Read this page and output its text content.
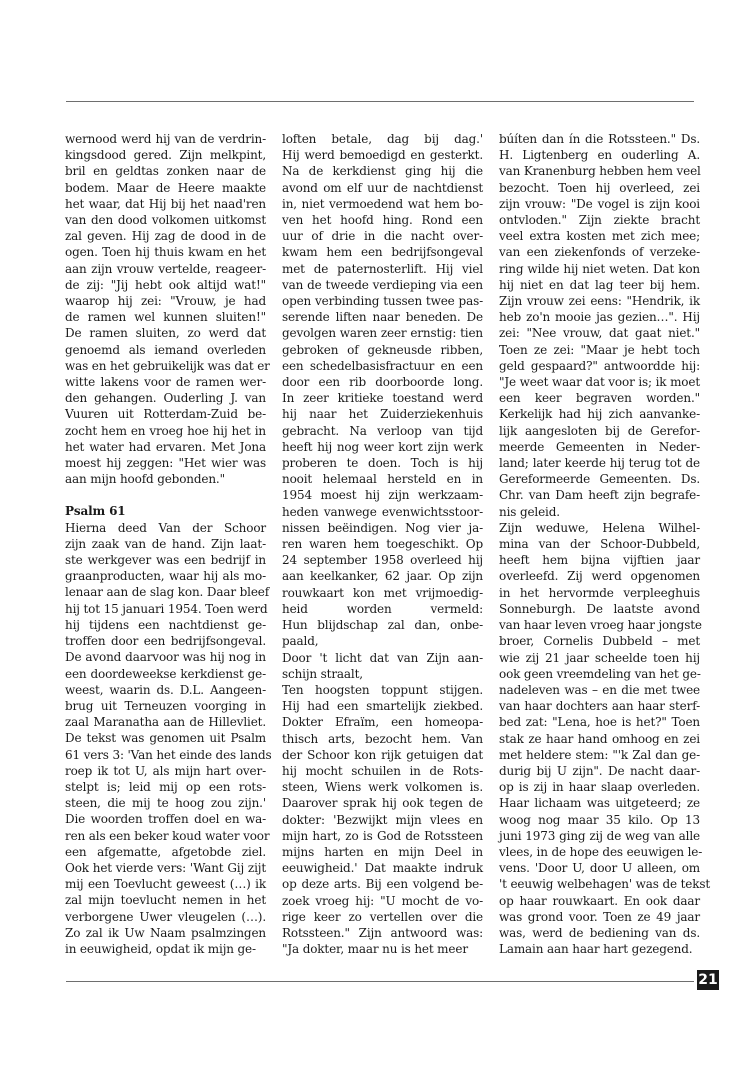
wernood werd hij van de verdrin-
kingsdood gered. Zijn melkpint,
bril en geldtas zonken naar de
bodem. Maar de Heere maakte
het waar, dat Hij bij het naad'ren
van den dood volkomen uitkomst
zal geven. Hij zag de dood in de
ogen. Toen hij thuis kwam en het
aan zijn vrouw vertelde, reageer-
de zij: "Jij hebt ook altijd wat!"
waarop hij zei: "Vrouw, je had
de ramen wel kunnen sluiten!"
De ramen sluiten, zo werd dat
genoemd als iemand overleden
was en het gebruikelijk was dat er
witte lakens voor de ramen wer-
den gehangen. Ouderling J. van
Vuuren uit Rotterdam-Zuid be-
zocht hem en vroeg hoe hij het in
het water had ervaren. Met Jona
moest hij zeggen: "Het wier was
aan mijn hoofd gebonden."

Psalm 61

Hierna deed Van der Schoor
zijn zaak van de hand. Zijn laat-
ste werkgever was een bedrijf in
graanproducten, waar hij als mo-
lenaar aan de slag kon. Daar bleef
hij tot 15 januari 1954. Toen werd
hij tijdens een nachtdienst ge-
troffen door een bedrijfsongeval.
De avond daarvoor was hij nog in
een doordeweekse kerkdienst ge-
weest, waarin ds. D.L. Aangeen-
brug uit Terneuzen voorging in
zaal Maranatha aan de Hillevliet.
De tekst was genomen uit Psalm
61 vers 3: 'Van het einde des lands
roep ik tot U, als mijn hart over-
stelpt is; leid mij op een rots-
steen, die mij te hoog zou zijn.'
Die woorden troffen doel en wa-
ren als een beker koud water voor
een afgematte, afgetobde ziel.
Ook het vierde vers: 'Want Gij zijt
mij een Toevlucht geweest (…) ik
zal mijn toevlucht nemen in het
verborgene Uwer vleugelen (…).
Zo zal ik Uw Naam psalmzingen
in eeuwigheid, opdat ik mijn ge-

loften betale, dag bij dag.'
Hij werd bemoedigd en gesterkt.
Na de kerkdienst ging hij die
avond om elf uur de nachtdienst
in, niet vermoedend wat hem bo-
ven het hoofd hing. Rond een
uur of drie in die nacht over-
kwam hem een bedrijfsongeval
met de paternosterlift. Hij viel
van de tweede verdieping via een
open verbinding tussen twee pas-
serende liften naar beneden. De
gevolgen waren zeer ernstig: tien
gebroken of gekneusde ribben,
een schedelbasisfractuur en een
door een rib doorboorde long.
In zeer kritieke toestand werd
hij naar het Zuiderziekenhuis
gebracht. Na verloop van tijd
heeft hij nog weer kort zijn werk
proberen te doen. Toch is hij
nooit helemaal hersteld en in
1954 moest hij zijn werkzaam-
heden vanwege evenwichtsstoor-
nissen beëindigen. Nog vier ja-
ren waren hem toegeschikt. Op
24 september 1958 overleed hij
aan keelkanker, 62 jaar. Op zijn
rouwkaart kon met vrijmoedig-
heid worden vermeld:
Hun blijdschap zal dan, onbe-
paald,
Door 't licht dat van Zijn aan-
schijn straalt,
Ten hoogsten toppunt stijgen.
Hij had een smartelijk ziekbed.
Dokter Efraïm, een homeopa-
thisch arts, bezocht hem. Van
der Schoor kon rijk getuigen dat
hij mocht schuilen in de Rots-
steen, Wiens werk volkomen is.
Daarover sprak hij ook tegen de
dokter: 'Bezwijkt mijn vlees en
mijn hart, zo is God de Rotssteen
mijns harten en mijn Deel in
eeuwigheid.' Dat maakte indruk
op deze arts. Bij een volgend be-
zoek vroeg hij: "U mocht de vo-
rige keer zo vertellen over die
Rotssteen." Zijn antwoord was:
"Ja dokter, maar nu is het meer

búíten dan ín die Rotssteen." Ds.
H. Ligtenberg en ouderling A.
van Kranenburg hebben hem veel
bezocht. Toen hij overleed, zei
zijn vrouw: "De vogel is zijn kooi
ontvloden." Zijn ziekte bracht
veel extra kosten met zich mee;
van een ziekenfonds of verzeke-
ring wilde hij niet weten. Dat kon
hij niet en dat lag teer bij hem.
Zijn vrouw zei eens: "Hendrik, ik
heb zo'n mooie jas gezien…". Hij
zei: "Nee vrouw, dat gaat niet."
Toen ze zei: "Maar je hebt toch
geld gespaard?" antwoordde hij:
"Je weet waar dat voor is; ik moet
een keer begraven worden."
Kerkelijk had hij zich aanvanke-
lijk aangesloten bij de Gerefor-
meerde Gemeenten in Neder-
land; later keerde hij terug tot de
Gereformeerde Gemeenten. Ds.
Chr. van Dam heeft zijn begrafe-
nis geleid.
Zijn weduwe, Helena Wilhel-
mina van der Schoor-Dubbeld,
heeft hem bijna vijftien jaar
overleefd. Zij werd opgenomen
in het hervormde verpleeghuis
Sonneburgh. De laatste avond
van haar leven vroeg haar jongste
broer, Cornelis Dubbeld – met
wie zij 21 jaar scheelde toen hij
ook geen vreemdeling van het ge-
nadeleven was – en die met twee
van haar dochters aan haar sterf-
bed zat: "Lena, hoe is het?" Toen
stak ze haar hand omhoog en zei
met heldere stem: "'k Zal dan ge-
durig bij U zijn". De nacht daar-
op is zij in haar slaap overleden.
Haar lichaam was uitgeteerd; ze
woog nog maar 35 kilo. Op 13
juni 1973 ging zij de weg van alle
vlees, in de hope des eeuwigen le-
vens. 'Door U, door U alleen, om
't eeuwig welbehagen' was de tekst
op haar rouwkaart. En ook daar
was grond voor. Toen ze 49 jaar
was, werd de bediening van ds.
Lamain aan haar hart gezegend.

21
